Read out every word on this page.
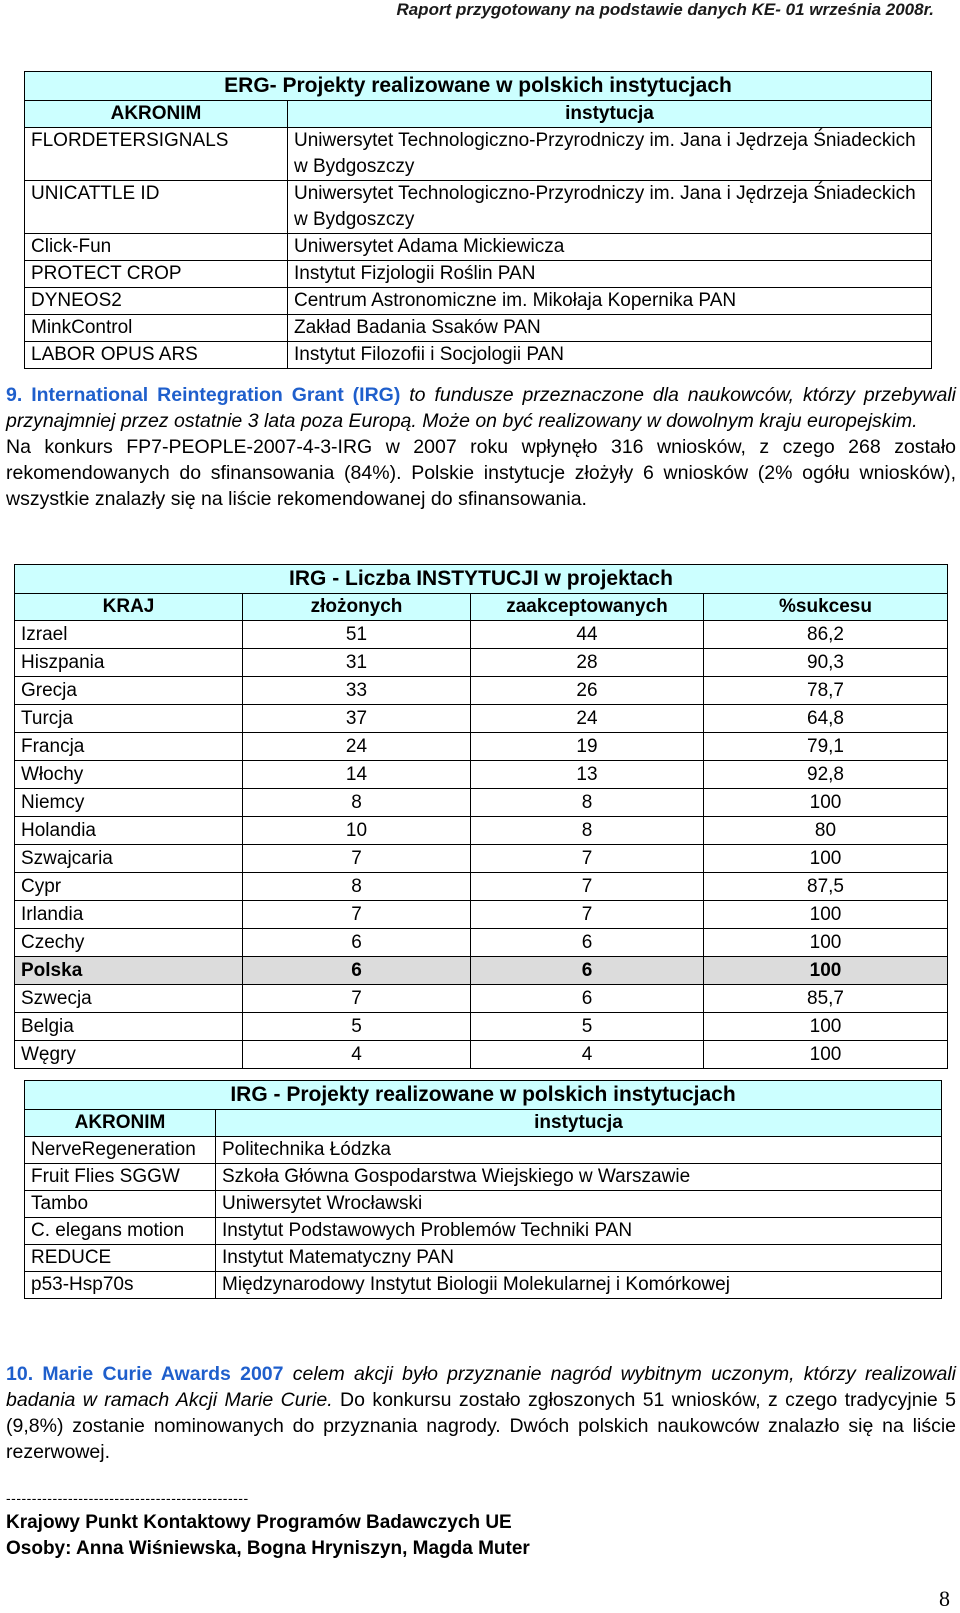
Raport przygotowany na podstawie danych KE- 01 września 2008r.
ERG- Projekty realizowane w polskich instytucjach	
AKRONIM	instytucja
FLORDETERSIGNALS	Uniwersytet Technologiczno-Przyrodniczy im. Jana i Jędrzeja Śniadeckich w Bydgoszczy
UNICATTLE ID	Uniwersytet Technologiczno-Przyrodniczy im. Jana i Jędrzeja Śniadeckich w Bydgoszczy
Click-Fun	Uniwersytet Adama Mickiewicza
PROTECT CROP	Instytut Fizjologii Roślin PAN
DYNEOS2	Centrum Astronomiczne im. Mikołaja Kopernika PAN
MinkControl	Zakład Badania Ssaków PAN
LABOR OPUS ARS	Instytut Filozofii i Socjologii PAN
9. International Reintegration Grant (IRG) to fundusze przeznaczone dla naukowców, którzy przebywali przynajmniej przez ostatnie 3 lata poza Europą. Może on być realizowany w dowolnym kraju europejskim.
Na konkurs FP7-PEOPLE-2007-4-3-IRG w 2007 roku wpłynęło 316 wniosków, z czego 268 zostało rekomendowanych do sfinansowania (84%). Polskie instytucje złożyły 6 wniosków (2% ogółu wniosków), wszystkie znalazły się na liście rekomendowanej do sfinansowania.
IRG - Liczba INSTYTUCJI w projektach			
KRAJ	złożonych	zaakceptowanych	%sukcesu
Izrael	51	44	86,2
Hiszpania	31	28	90,3
Grecja	33	26	78,7
Turcja	37	24	64,8
Francja	24	19	79,1
Włochy	14	13	92,8
Niemcy	8	8	100
Holandia	10	8	80
Szwajcaria	7	7	100
Cypr	8	7	87,5
Irlandia	7	7	100
Czechy	6	6	100
Polska	6	6	100
Szwecja	7	6	85,7
Belgia	5	5	100
Węgry	4	4	100
IRG - Projekty realizowane w polskich instytucjach	
AKRONIM	instytucja
NerveRegeneration	Politechnika Łódzka
Fruit Flies SGGW	Szkoła Główna Gospodarstwa Wiejskiego w Warszawie
Tambo	Uniwersytet Wrocławski
C. elegans motion	Instytut Podstawowych Problemów Techniki PAN
REDUCE	Instytut Matematyczny PAN
p53-Hsp70s	Międzynarodowy Instytut Biologii Molekularnej i Komórkowej
10. Marie Curie Awards 2007 celem akcji było przyznanie nagród wybitnym uczonym, którzy realizowali badania w ramach Akcji Marie Curie. Do konkursu zostało zgłoszonych 51 wniosków, z czego tradycyjnie 5 (9,8%) zostanie nominowanych do przyznania nagrody. Dwóch polskich naukowców znalazło się na liście rezerwowej.
-----------------------------------------------
Krajowy Punkt Kontaktowy Programów Badawczych UE
Osoby: Anna Wiśniewska, Bogna Hryniszyn, Magda Muter
8
